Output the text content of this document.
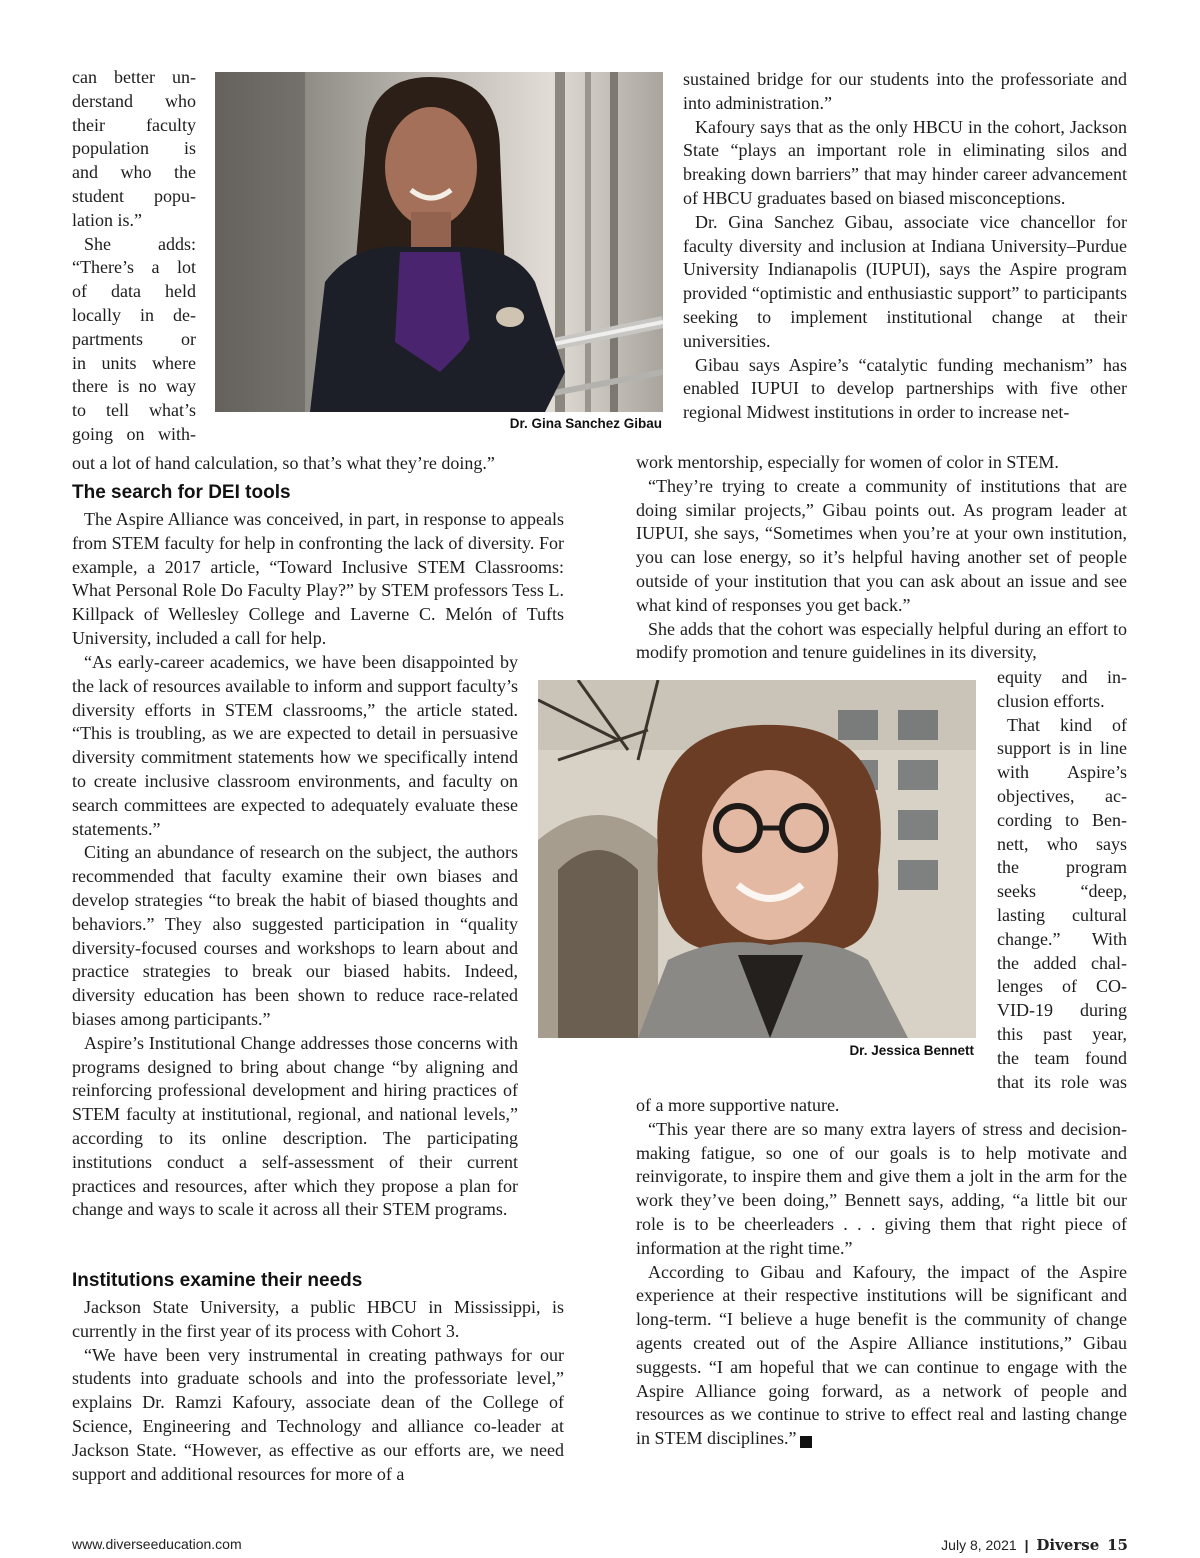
can better un-
derstand who
their faculty
population is
and who the
student popu-
lation is.”
She adds:
“There’s a lot
of data held
locally in de-
partments or
in units where
there is no way
to tell what’s
going on with-
Dr. Gina Sanchez Gibau

out a lot of hand calculation, so that’s what they’re doing.”

The search for DEI tools

The Aspire Alliance was conceived, in part, in response to appeals from STEM faculty for help in confronting the lack of diversity. For example, a 2017 article, “Toward Inclusive STEM Classrooms: What Personal Role Do Faculty Play?” by STEM professors Tess L. Killpack of Wellesley College and Laverne C. Melón of Tufts University, included a call for help.

“As early-career academics, we have been disappointed by the lack of resources available to inform and support faculty’s diversity efforts in STEM classrooms,” the article stated. “This is troubling, as we are expected to detail in persuasive diversity commitment statements how we specifically intend to create inclusive classroom environments, and faculty on search committees are expected to adequately evaluate these statements.”

Citing an abundance of research on the subject, the authors recommended that faculty examine their own biases and develop strategies “to break the habit of biased thoughts and behaviors.” They also suggested participation in “quality diversity-focused courses and workshops to learn about and practice strategies to break our biased habits. Indeed, diversity education has been shown to reduce race-related biases among participants.”

Aspire’s Institutional Change addresses those concerns with programs designed to bring about change “by aligning and reinforcing professional development and hiring practices of STEM faculty at institutional, regional, and national levels,” according to its online description. The participating institutions conduct a self-assessment of their current practices and resources, after which they propose a plan for change and ways to scale it across all their STEM programs.

Institutions examine their needs

Jackson State University, a public HBCU in Mississippi, is currently in the first year of its process with Cohort 3.

“We have been very instrumental in creating pathways for our students into graduate schools and into the professoriate level,” explains Dr. Ramzi Kafoury, associate dean of the College of Science, Engineering and Technology and alliance co-leader at Jackson State. “However, as effective as our efforts are, we need support and additional resources for more of a

sustained bridge for our students into the professoriate and into administration.”

Kafoury says that as the only HBCU in the cohort, Jackson State “plays an important role in eliminating silos and breaking down barriers” that may hinder career advancement of HBCU graduates based on biased misconceptions.

Dr. Gina Sanchez Gibau, associate vice chancellor for faculty diversity and inclusion at Indiana University–Purdue University Indianapolis (IUPUI), says the Aspire program provided “optimistic and enthusiastic support” to participants seeking to implement institutional change at their universities.

Gibau says Aspire’s “catalytic funding mechanism” has enabled IUPUI to develop partnerships with five other regional Midwest institutions in order to increase net-

work mentorship, especially for women of color in STEM.

“They’re trying to create a community of institutions that are doing similar projects,” Gibau points out. As program leader at IUPUI, she says, “Sometimes when you’re at your own institution, you can lose energy, so it’s helpful having another set of people outside of your institution that you can ask about an issue and see what kind of responses you get back.”

She adds that the cohort was especially helpful during an effort to modify promotion and tenure guidelines in its diversity,

Dr. Jessica Bennett
equity and in-
clusion efforts.
That kind of
support is in line
with Aspire’s
objectives, ac-
cording to Ben-
nett, who says
the program
seeks “deep,
lasting cultural
change.” With
the added chal-
lenges of CO-
VID-19 during
this past year,
the team found
that its role was

of a more supportive nature.

“This year there are so many extra layers of stress and decision-making fatigue, so one of our goals is to help motivate and reinvigorate, to inspire them and give them a jolt in the arm for the work they’ve been doing,” Bennett says, adding, “a little bit our role is to be cheerleaders . . . giving them that right piece of information at the right time.”

According to Gibau and Kafoury, the impact of the Aspire experience at their respective institutions will be significant and long-term. “I believe a huge benefit is the community of change agents created out of the Aspire Alliance institutions,” Gibau suggests. “I am hopeful that we can continue to engage with the Aspire Alliance going forward, as a network of people and resources as we continue to strive to effect real and lasting change in STEM disciplines.” D

www.diverseeducation.com	July 8, 2021 | Diverse 15
